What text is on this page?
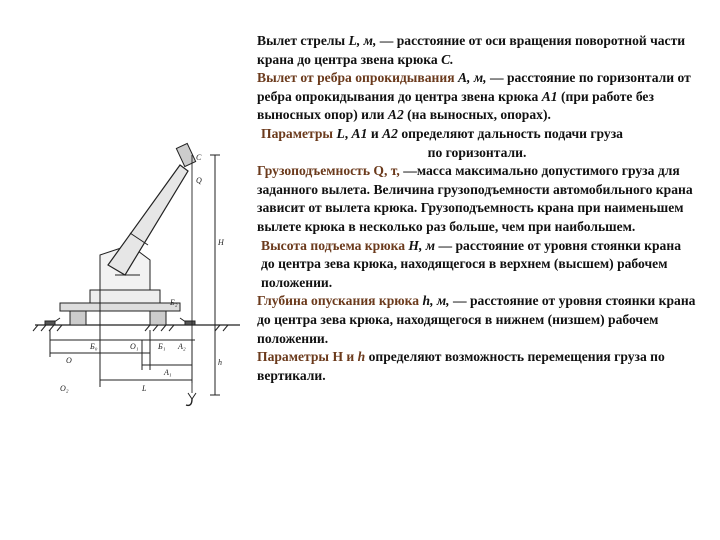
C
Q
H
h
Б₂
Б₀	O₁ Б₁ A₂
O
A₁
L
O₂

Вылет стрелы L, м, — расстояние от оси вращения поворотной части крана до центра звена крюка С.

Вылет от ребра опрокидывания А, м, — расстояние по горизонтали от ребра опрокидывания до центра звена крюка А1 (при работе без выносных опор) или А2 (на выносных, опорах).

Параметры L, A1 и A2 определяют дальность подачи груза

по горизонтали.

Грузоподъемность Q, т, —масса максимально допустимого груза для заданного вылета. Величина грузоподъемности автомобильного крана зависит от вылета крюка. Грузоподъемность крана при наименьшем вылете крюка в несколько раз больше, чем при наибольшем.

Высота подъема крюка H, м — расстояние от уровня стоянки крана до центра зева крюка, находящегося в верхнем (высшем) рабочем положении.

Глубина опускания крюка h, м, — расстояние от уровня стоянки крана до центра зева крюка, находящегося в нижнем (низшем) рабочем положении.

Параметры Н и h определяют возможность перемещения груза по вертикали.
